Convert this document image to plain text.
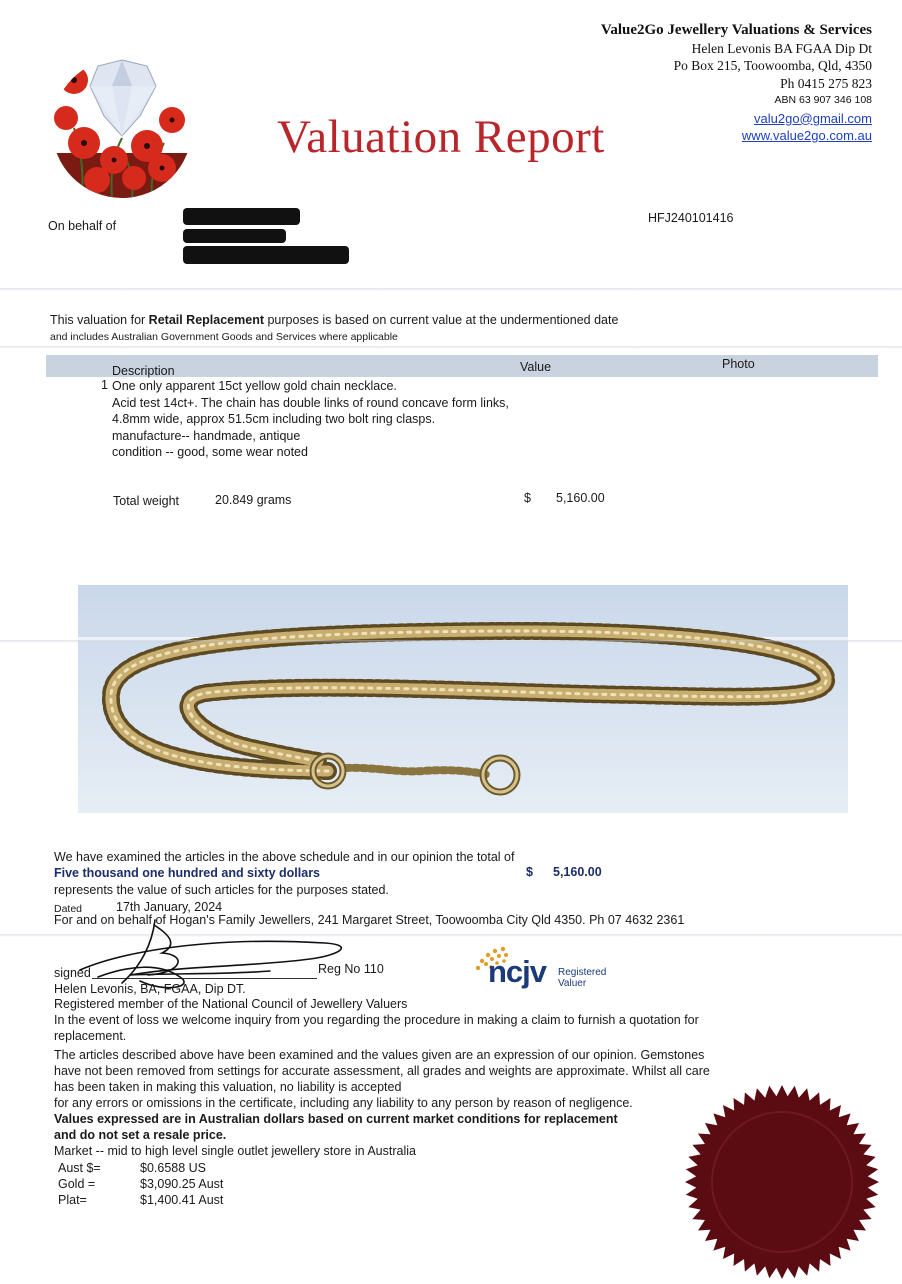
Value2Go Jewellery Valuations & Services
Helen Levonis BA FGAA Dip Dt
Po Box 215, Toowoomba, Qld, 4350
Ph 0415 275 823
ABN 63 907 346 108
valu2go@gmail.com
www.value2go.com.au
Valuation Report
On behalf of
HFJ240101416
This valuation for Retail Replacement purposes is based on current value at the undermentioned date
and includes Australian Government Goods and Services where applicable
Description	Value	Photo
1 One only apparent 15ct yellow gold chain necklace.
Acid test 14ct+. The chain has double links of round concave form links,
4.8mm wide, approx 51.5cm including two bolt ring clasps.
manufacture-- handmade, antique
condition -- good, some wear noted
Total weight	20.849 grams	$ 5,160.00
We have examined the articles in the above schedule and in our opinion the total of
Five thousand one hundred and sixty dollars	$ 5,160.00
represents the value of such articles for the purposes stated.
Dated	17th January, 2024
For and on behalf of Hogan's Family Jewellers, 241 Margaret Street, Toowoomba City Qld 4350. Ph 07 4632 2361
signed	Reg No 110
Helen Levonis, BA, FGAA, Dip DT.
Registered member of the National Council of Jewellery Valuers
ncjv Registered
Valuer
In the event of loss we welcome inquiry from you regarding the procedure in making a claim to furnish a quotation for
replacement.
The articles described above have been examined and the values given are an expression of our opinion. Gemstones
have not been removed from settings for accurate assessment, all grades and weights are approximate. Whilst all care
has been taken in making this valuation, no liability is accepted
for any errors or omissions in the certificate, including any liability to any person by reason of negligence.
Values expressed are in Australian dollars based on current market conditions for replacement
and do not set a resale price.
Market -- mid to high level single outlet jewellery store in Australia
Aust $=	$0.6588 US
Gold =	$3,090.25 Aust
Plat=	$1,400.41 Aust
